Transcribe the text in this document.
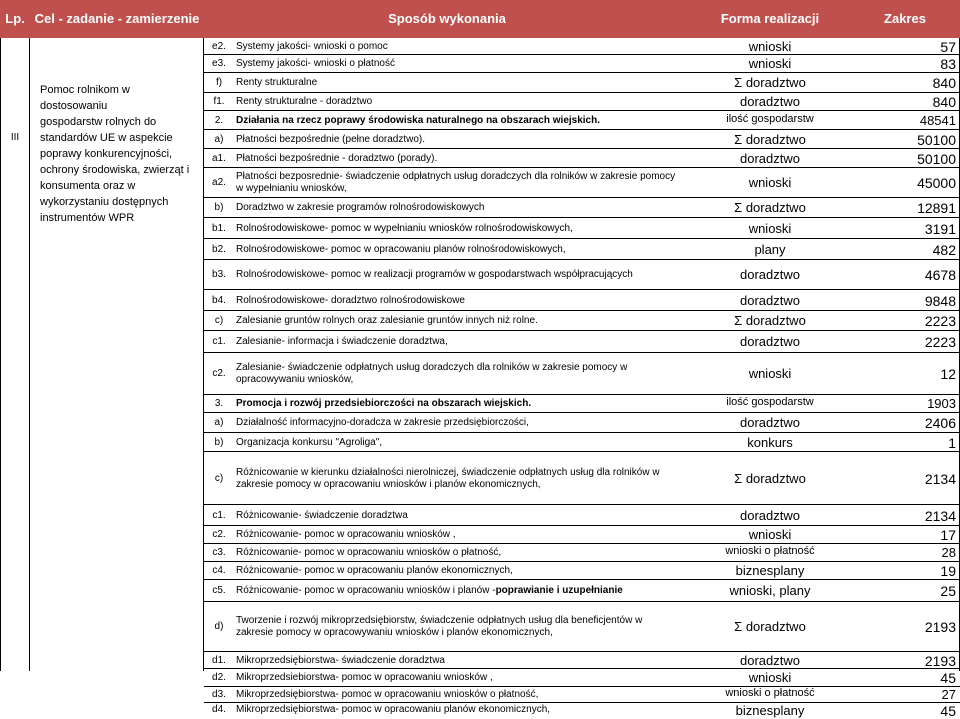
Lp. Cel - zadanie - zamierzenie	Sposób wykonania	Forma realizacji	Zakres
III
Pomoc rolnikom w dostosowaniu
gospodarstw rolnych do
standardów UE w aspekcie
poprawy konkurencyjności,
ochrony środowiska, zwierząt i
konsumenta oraz w
wykorzystaniu dostępnych
instrumentów WPR
e2.	Systemy jakości- wnioski o pomoc	wnioski	57
e3.	Systemy jakości- wnioski o płatność	wnioski	83
f)	Renty strukturalne	Σ doradztwo	840
f1.	Renty strukturalne - doradztwo	doradztwo	840
2.	Działania na rzecz poprawy środowiska naturalnego na obszarach wiejskich.	ilość gospodarstw	48541
a)	Płatności bezpośrednie (pełne doradztwo).	Σ doradztwo	50100
a1.	Płatności bezpośrednie - doradztwo (porady).	doradztwo	50100
a2.
Płatności bezposrednie- świadczenie odpłatnych usług doradczych dla rolników w zakresie pomocy
w wypełnianiu wniosków,	wnioski	45000
b)	Doradztwo w zakresie programów rolnośrodowiskowych	Σ doradztwo	12891
b1.	Rolnośrodowiskowe- pomoc w wypełnianiu wniosków rolnośrodowiskowych,	wnioski	3191
b2.	Rolnośrodowiskowe- pomoc w opracowaniu planów rolnośrodowiskowych,	plany	482
b3.	Rolnośrodowiskowe- pomoc w realizacji programów w gospodarstwach współpracujących	doradztwo	4678
b4.	Rolnośrodowiskowe- doradztwo rolnośrodowiskowe	doradztwo	9848
c)	Zalesianie gruntów rolnych oraz zalesianie gruntów innych niż rolne.	Σ doradztwo	2223
c1.	Zalesianie- informacja i świadczenie doradztwa,	doradztwo	2223
c2.
Zalesianie- świadczenie odpłatnych usług doradczych dla rolników w zakresie pomocy w
opracowywaniu wniosków,	wnioski	12
3.	Promocja i rozwój przedsiebiorczości na obszarach wiejskich.	ilość gospodarstw	1903
a)	Działalność informacyjno-doradcza w zakresie przedsiębiorczości,	doradztwo	2406
b)	Organizacja konkursu "Agroliga",	konkurs	1
c)
Różnicowanie w kierunku działalności nierolniczej, świadczenie odpłatnych usług dla rolników w
zakresie pomocy w opracowaniu wniosków i planów ekonomicznych,	Σ doradztwo	2134
c1.	Różnicowanie- świadczenie doradztwa	doradztwo	2134
c2.	Różnicowanie- pomoc w opracowaniu wniosków ,	wnioski	17
c3.	Różnicowanie- pomoc w opracowaniu wniosków o płatność,	wnioski o płatność	28
c4.	Różnicowanie- pomoc w opracowaniu planów ekonomicznych,	biznesplany	19
c5.	Różnicowanie- pomoc w opracowaniu wniosków i planów -poprawianie i uzupełnianie	wnioski, plany	25
d)
Tworzenie i rozwój mikroprzedsiębiorstw, świadczenie odpłatnych usług dla beneficjentów w
zakresie pomocy w opracowywaniu wniosków i planów ekonomicznych,	Σ doradztwo	2193
d1.	Mikroprzedsiębiorstwa- świadczenie doradztwa	doradztwo	2193
d2.	Mikroprzedsiebiorstwa- pomoc w opracowaniu wniosków ,	wnioski	45
d3.	Mikroprzedsiębiorstwa- pomoc w opracowaniu wniosków o płatność,	wnioski o płatność	27
d4.	Mikroprzedsiębiorstwa- pomoc w opracowaniu planów ekonomicznych,	biznesplany	45
